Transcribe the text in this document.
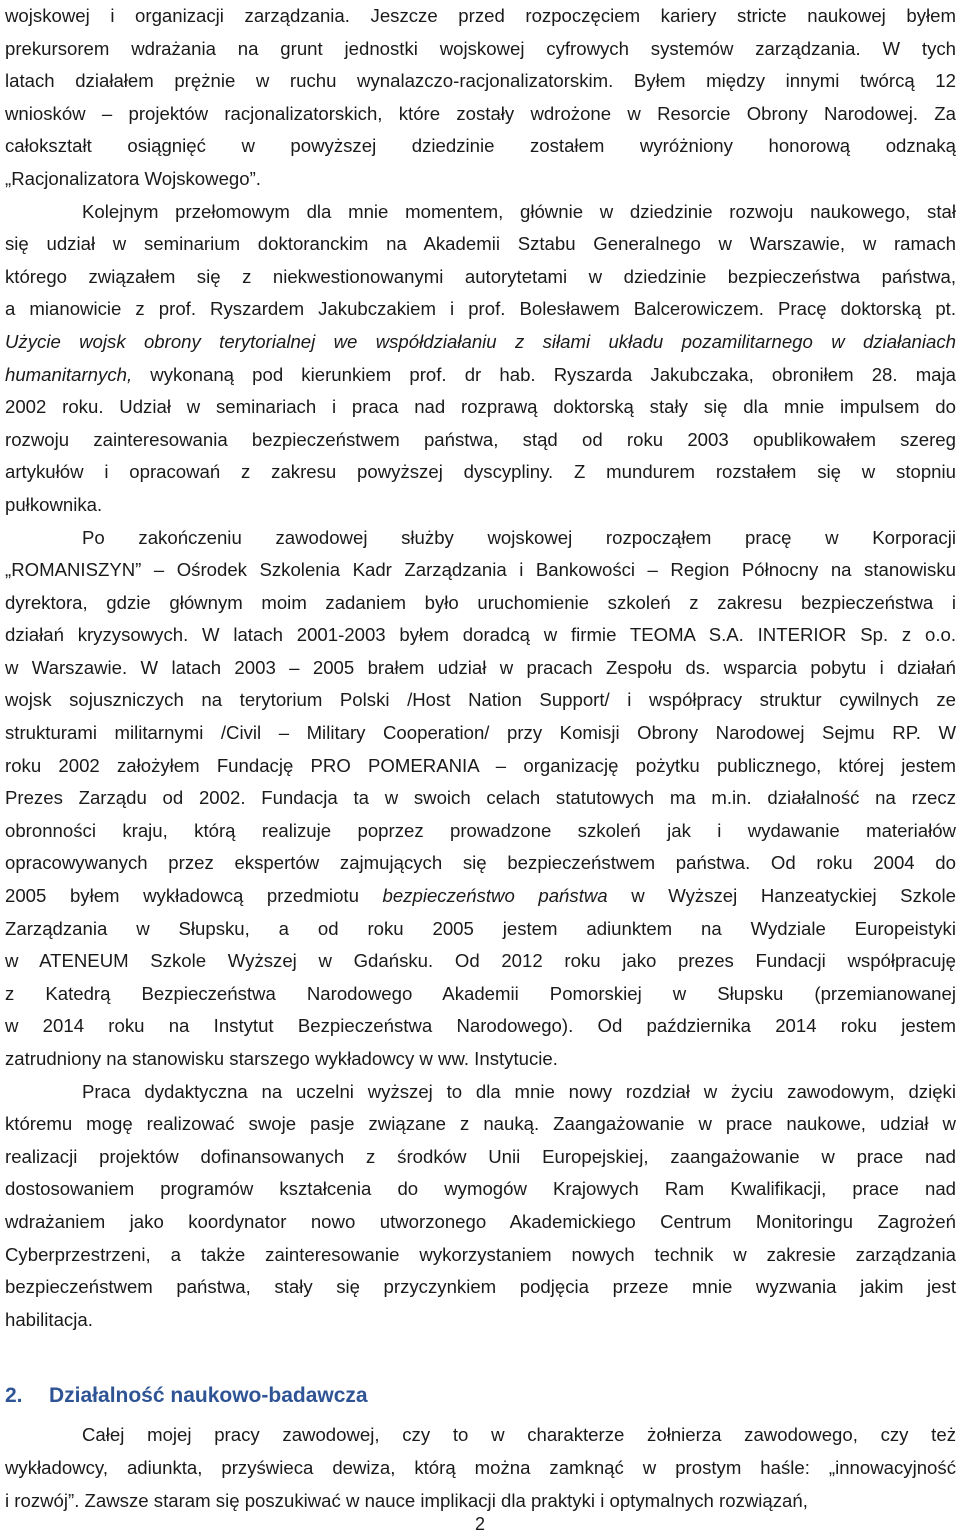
wojskowej i organizacji zarządzania. Jeszcze przed rozpoczęciem kariery stricte naukowej byłem
prekursorem wdrażania na grunt jednostki wojskowej cyfrowych systemów zarządzania. W tych
latach działałem prężnie w ruchu wynalazczo-racjonalizatorskim. Byłem między innymi twórcą 12
wniosków – projektów racjonalizatorskich, które zostały wdrożone w Resorcie Obrony Narodowej. Za
całokształt osiągnięć w powyższej dziedzinie zostałem wyróżniony honorową odznaką
„Racjonalizatora Wojskowego”.
Kolejnym przełomowym dla mnie momentem, głównie w dziedzinie rozwoju naukowego, stał
się udział w seminarium doktoranckim na Akademii Sztabu Generalnego w Warszawie, w ramach
którego związałem się z niekwestionowanymi autorytetami w dziedzinie bezpieczeństwa państwa,
a mianowicie z prof. Ryszardem Jakubczakiem i prof. Bolesławem Balcerowiczem. Pracę doktorską pt.
Użycie wojsk obrony terytorialnej we współdziałaniu z siłami układu pozamilitarnego w działaniach
humanitarnych, wykonaną pod kierunkiem prof. dr hab. Ryszarda Jakubczaka, obroniłem 28. maja
2002 roku. Udział w seminariach i praca nad rozprawą doktorską stały się dla mnie impulsem do
rozwoju zainteresowania bezpieczeństwem państwa, stąd od roku 2003 opublikowałem szereg
artykułów i opracowań z zakresu powyższej dyscypliny. Z mundurem rozstałem się w stopniu
pułkownika.
Po zakończeniu zawodowej służby wojskowej rozpocząłem pracę w Korporacji
„ROMANISZYN” – Ośrodek Szkolenia Kadr Zarządzania i Bankowości – Region Północny na stanowisku
dyrektora, gdzie głównym moim zadaniem było uruchomienie szkoleń z zakresu bezpieczeństwa i
działań kryzysowych. W latach 2001-2003 byłem doradcą w firmie TEOMA S.A. INTERIOR Sp. z o.o.
w Warszawie. W latach 2003 – 2005 brałem udział w pracach Zespołu ds. wsparcia pobytu i działań
wojsk sojuszniczych na terytorium Polski /Host Nation Support/ i współpracy struktur cywilnych ze
strukturami militarnymi /Civil – Military Cooperation/ przy Komisji Obrony Narodowej Sejmu RP. W
roku 2002 założyłem Fundację PRO POMERANIA – organizację pożytku publicznego, której jestem
Prezes Zarządu od 2002. Fundacja ta w swoich celach statutowych ma m.in. działalność na rzecz
obronności kraju, którą realizuje poprzez prowadzone szkoleń jak i wydawanie materiałów
opracowywanych przez ekspertów zajmujących się bezpieczeństwem państwa. Od roku 2004 do
2005 byłem wykładowcą przedmiotu bezpieczeństwo państwa w Wyższej Hanzeatyckiej Szkole
Zarządzania w Słupsku, a od roku 2005 jestem adiunktem na Wydziale Europeistyki
w ATENEUM Szkole Wyższej w Gdańsku. Od 2012 roku jako prezes Fundacji współpracuję
z Katedrą Bezpieczeństwa Narodowego Akademii Pomorskiej w Słupsku (przemianowanej
w 2014 roku na Instytut Bezpieczeństwa Narodowego). Od października 2014 roku jestem
zatrudniony na stanowisku starszego wykładowcy w ww. Instytucie.
Praca dydaktyczna na uczelni wyższej to dla mnie nowy rozdział w życiu zawodowym, dzięki
któremu mogę realizować swoje pasje związane z nauką. Zaangażowanie w prace naukowe, udział w
realizacji projektów dofinansowanych z środków Unii Europejskiej, zaangażowanie w prace nad
dostosowaniem programów kształcenia do wymogów Krajowych Ram Kwalifikacji, prace nad
wdrażaniem jako koordynator nowo utworzonego Akademickiego Centrum Monitoringu Zagrożeń
Cyberprzestrzeni, a także zainteresowanie wykorzystaniem nowych technik w zakresie zarządzania
bezpieczeństwem państwa, stały się przyczynkiem podjęcia przeze mnie wyzwania jakim jest
habilitacja.
2. Działalność naukowo-badawcza
Całej mojej pracy zawodowej, czy to w charakterze żołnierza zawodowego, czy też
wykładowcy, adiunkta, przyświeca dewiza, którą można zamknąć w prostym haśle: „innowacyjność
i rozwój”. Zawsze staram się poszukiwać w nauce implikacji dla praktyki i optymalnych rozwiązań,
2
